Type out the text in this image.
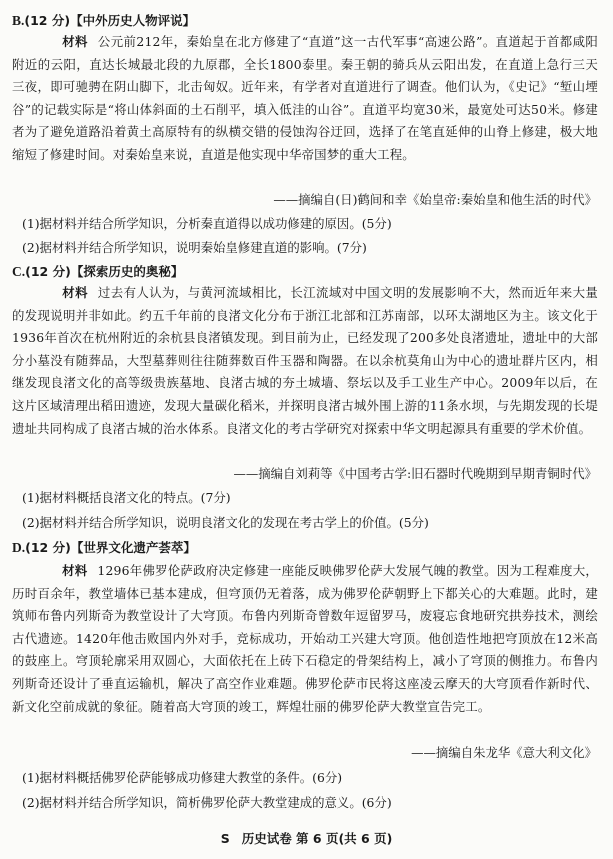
B.(12 分)【中外历史人物评说】
材料 公元前212年，秦始皇在北方修建了“直道”这一古代军事“高速公路”。直道起于首都咸阳附近的云阳，直达长城最北段的九原郡，全长1800泰里。秦王朝的骑兵从云阳出发，在直道上急行三天三夜，即可驰骋在阴山脚下，北击匈奴。近年来，有学者对直道进行了调查。他们认为，《史记》“堑山堙谷”的记载实际是“将山体斜面的土石削平，填入低洼的山谷”。直道平均宽30米，最宽处可达50米。修建者为了避免道路沿着黄土高原特有的纵横交错的侵蚀沟谷迂回，选择了在笔直延伸的山脊上修建，极大地缩短了修建时间。对秦始皇来说，直道是他实现中华帝国梦的重大工程。
——摘编自(日)鹤间和幸《始皇帝:秦始皇和他生活的时代》
(1)据材料并结合所学知识，分析秦直道得以成功修建的原因。(5分)
(2)据材料并结合所学知识，说明秦始皇修建直道的影响。(7分)
C.(12 分)【探索历史的奥秘】
材料 过去有人认为，与黄河流域相比，长江流域对中国文明的发展影响不大，然而近年来大量的发现说明并非如此。约五千年前的良渚文化分布于浙江北部和江苏南部，以环太湖地区为主。该文化于1936年首次在杭州附近的余杭县良渚镇发现。到目前为止，已经发现了200多处良渚遗址，遗址中的大部分小墓没有随葬品，大型墓葬则往往随葬数百件玉器和陶器。在以余杭莫角山为中心的遗址群片区内，相继发现良渚文化的高等级贵族墓地、良渚古城的夯土城墙、祭坛以及手工业生产中心。2009年以后，在这片区域清理出稻田遗迹，发现大量碳化稻米，并探明良渚古城外围上游的11条水坝，与先期发现的长堤遗址共同构成了良渚古城的治水体系。良渚文化的考古学研究对探索中华文明起源具有重要的学术价值。
——摘编自刘莉等《中国考古学:旧石器时代晚期到早期青铜时代》
(1)据材料概括良渚文化的特点。(7分)
(2)据材料并结合所学知识，说明良渚文化的发现在考古学上的价值。(5分)
D.(12 分)【世界文化遗产荟萃】
材料 1296年佛罗伦萨政府决定修建一座能反映佛罗伦萨大发展气魄的教堂。因为工程难度大，历时百余年，教堂墙体已基本建成，但穹顶仍无着落，成为佛罗伦萨朝野上下都关心的大难题。此时，建筑师布鲁内列斯奇为教堂设计了大穹顶。布鲁内列斯奇曾数年逗留罗马，废寝忘食地研究拱券技术，测绘古代遗迹。1420年他击败国内外对手，竞标成功，开始动工兴建大穹顶。他创造性地把穹顶放在12米高的鼓座上。穹顶轮廓采用双圆心，大面依托在上砖下石稳定的骨架结构上，减小了穹顶的侧推力。布鲁内列斯奇还设计了垂直运输机，解决了高空作业难题。佛罗伦萨市民将这座凌云摩天的大穹顶看作新时代、新文化空前成就的象征。随着高大穹顶的竣工，辉煌壮丽的佛罗伦萨大教堂宣告完工。
——摘编自朱龙华《意大利文化》
(1)据材料概括佛罗伦萨能够成功修建大教堂的条件。(6分)
(2)据材料并结合所学知识，简析佛罗伦萨大教堂建成的意义。(6分)
S 历史试卷 第 6 页(共 6 页)
